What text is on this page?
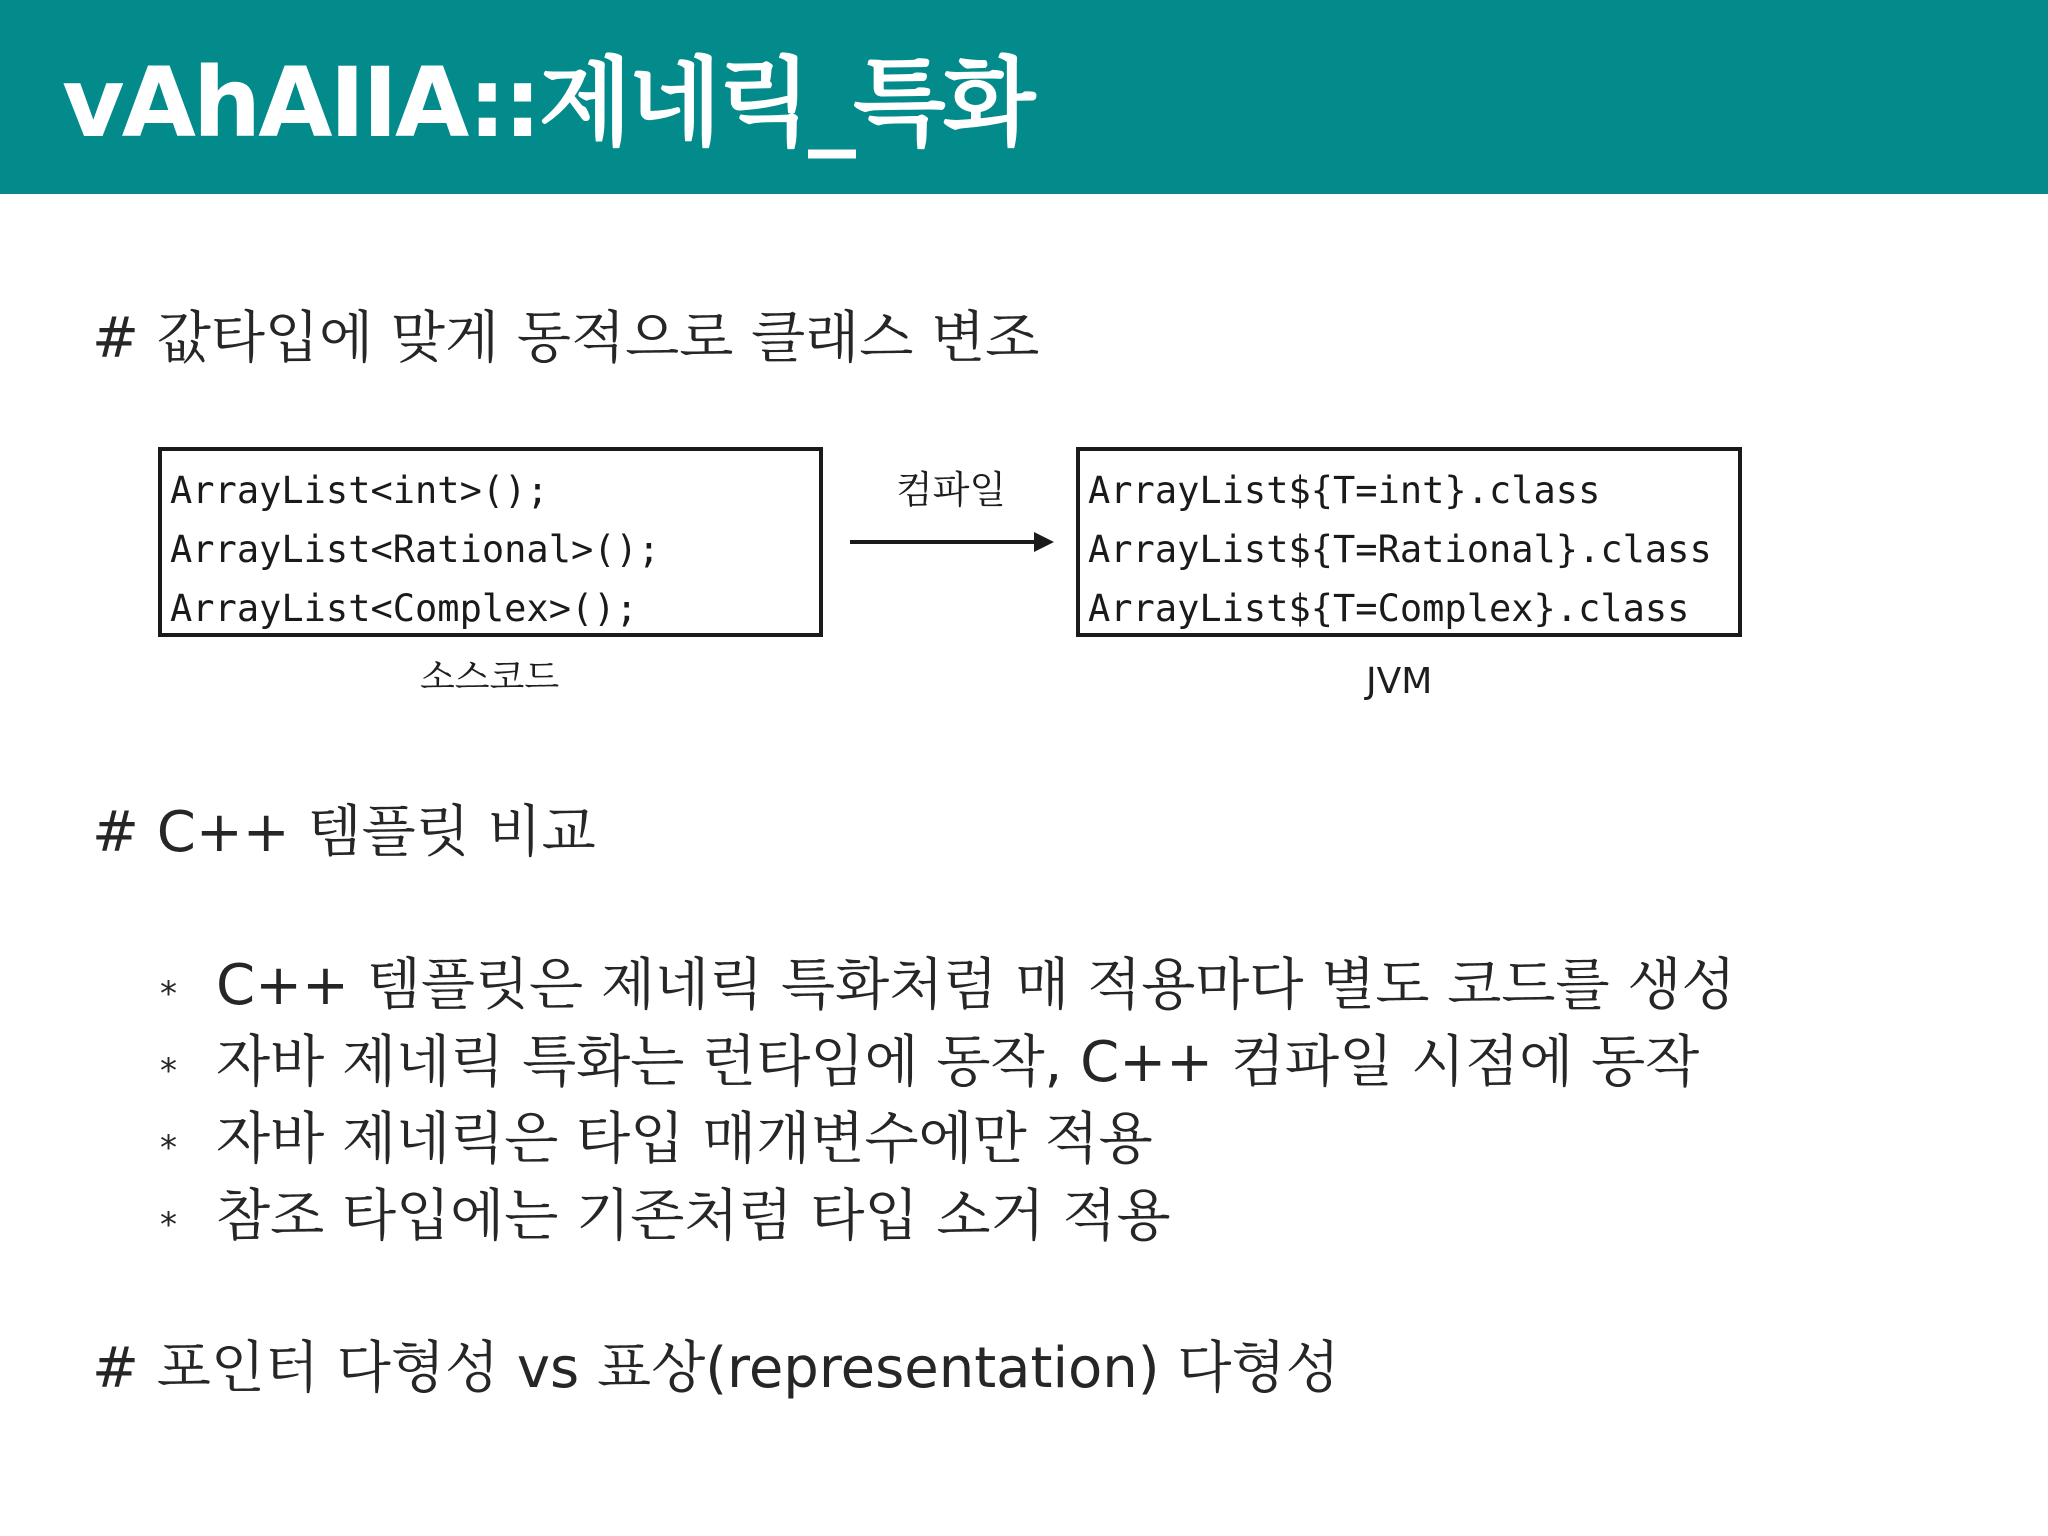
vAhAIIA::제네릭_특화
# 값타입에 맞게 동적으로 클래스 변조
ArrayList<int>();
ArrayList<Rational>();
ArrayList<Complex>();
소스코드
컴파일 ArrayList${T=int}.class
ArrayList${T=Rational}.class
ArrayList${T=Complex}.class
JVM
# C++ 템플릿 비교
* C++ 템플릿은 제네릭 특화처럼 매 적용마다 별도 코드를 생성
* 자바 제네릭 특화는 런타임에 동작, C++ 컴파일 시점에 동작
* 자바 제네릭은 타입 매개변수에만 적용
* 참조 타입에는 기존처럼 타입 소거 적용
# 포인터 다형성 vs 표상(representation) 다형성
